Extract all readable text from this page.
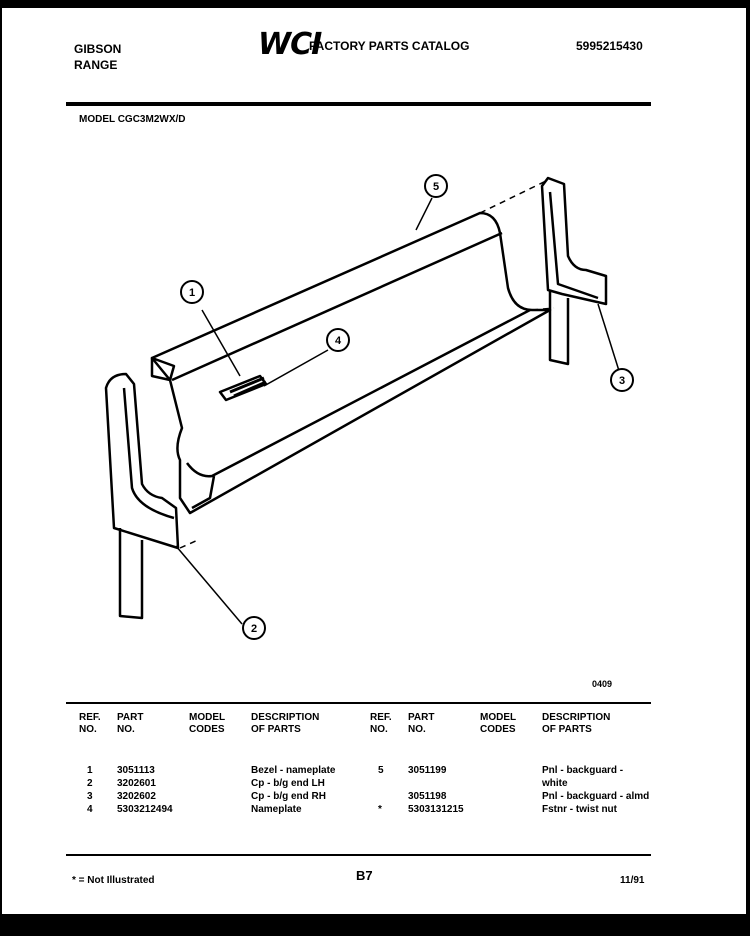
GIBSON
RANGE
WCI
FACTORY PARTS CATALOG	5995215430
MODEL CGC3M2WX/D
1
2
3
4
5
0409
REF.
NO.
PART
NO.
MODEL
CODES
DESCRIPTION
OF PARTS
1 3051113	Bezel - nameplate
2 3202601	Cp - b/g end LH
3 3202602	Cp - b/g end RH
4 5303212494	Nameplate
REF.
NO.
PART
NO.
MODEL
CODES
DESCRIPTION
OF PARTS
5 3051199	Pnl - backguard -
white
3051198	Pnl - backguard - almd
*	5303131215	Fstnr - twist nut
* = Not Illustrated	B7	11/91
